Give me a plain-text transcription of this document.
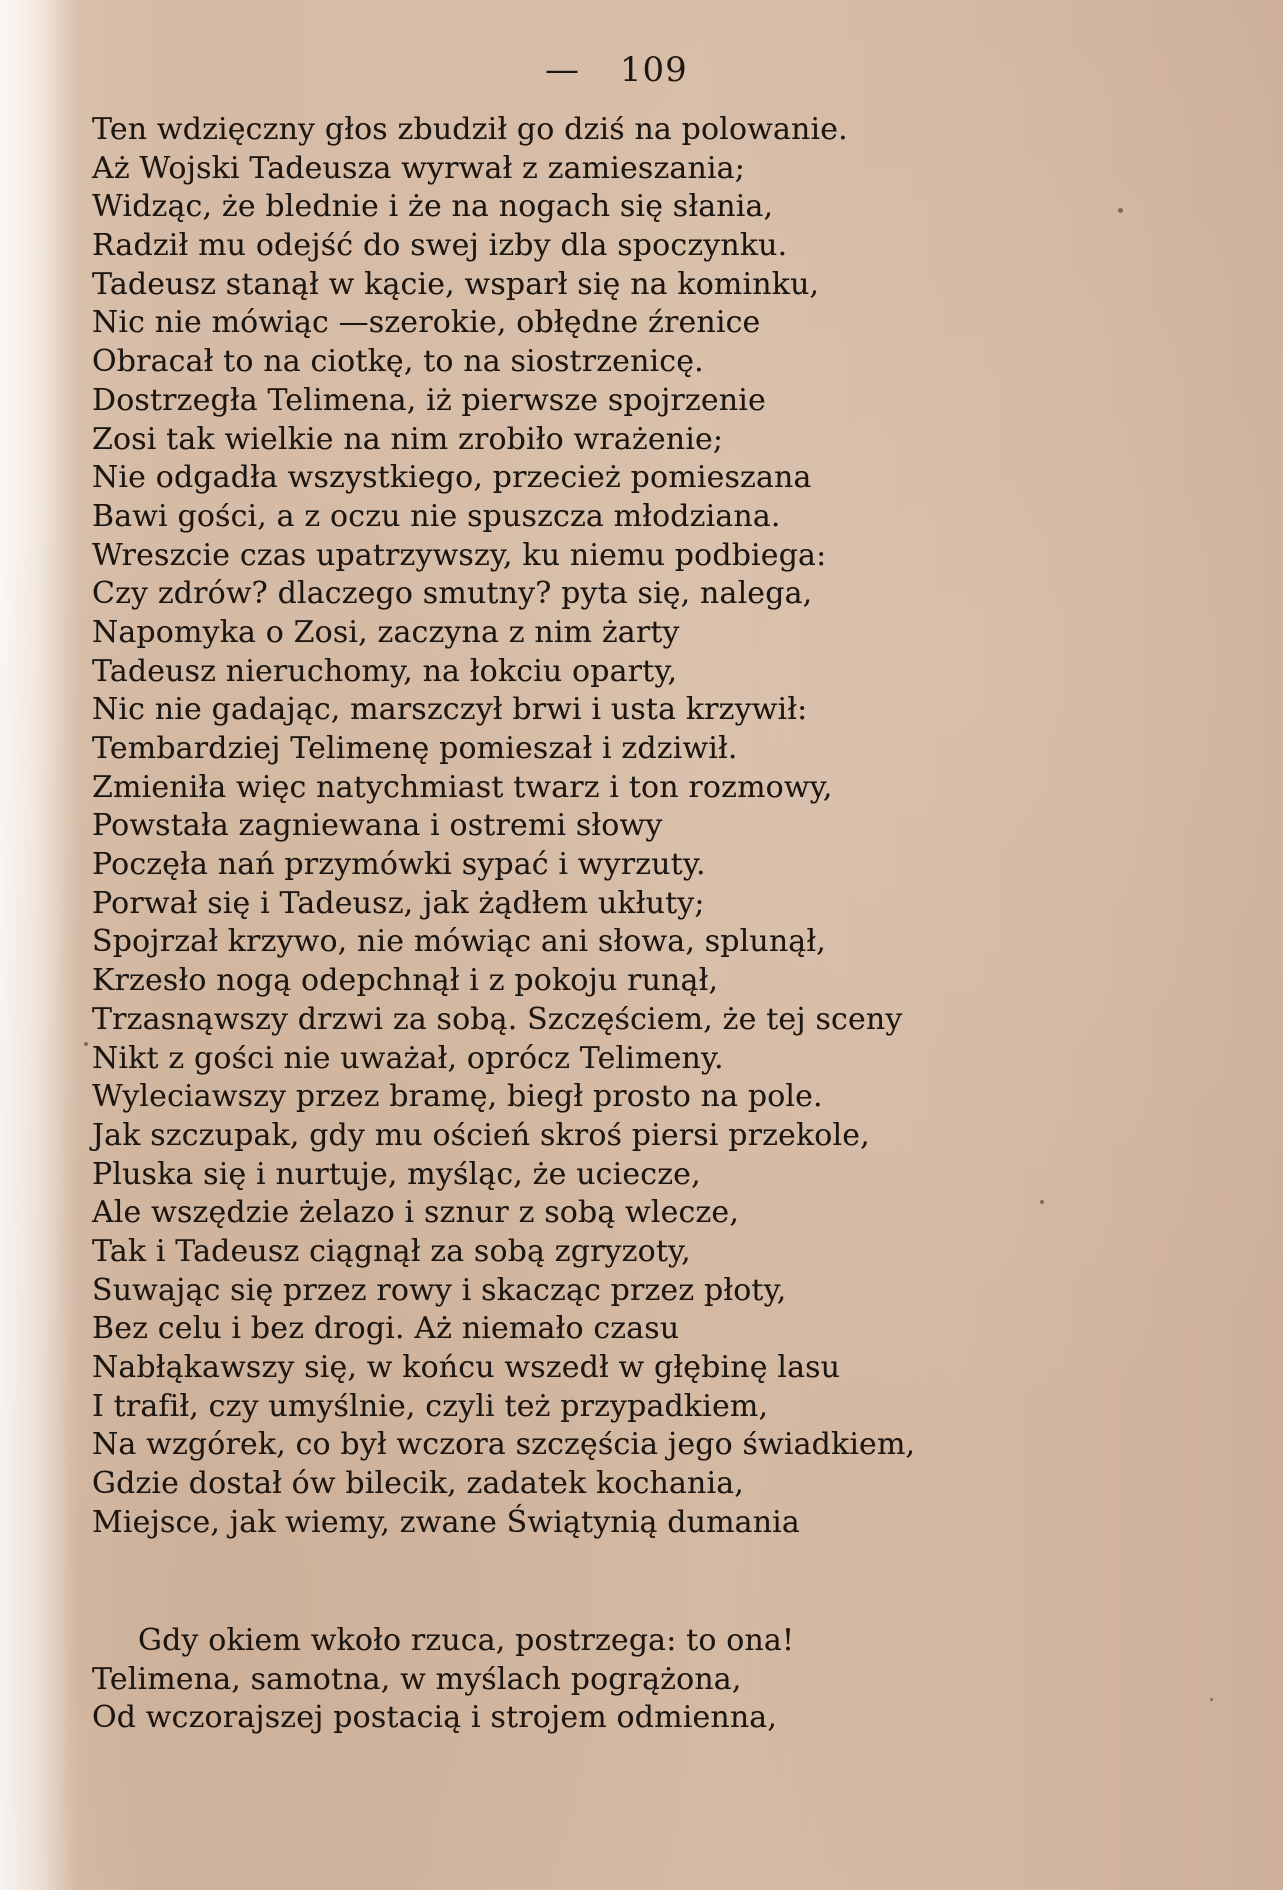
— 109
Ten wdzięczny głos zbudził go dziś na polowanie.
Aż Wojski Tadeusza wyrwał z zamieszania;
Widząc, że blednie i że na nogach się słania,
Radził mu odejść do swej izby dla spoczynku.
Tadeusz stanął w kącie, wsparł się na kominku,
Nic nie mówiąc —szerokie, obłędne źrenice
Obracał to na ciotkę, to na siostrzenicę.
Dostrzegła Telimena, iż pierwsze spojrzenie
Zosi tak wielkie na nim zrobiło wrażenie;
Nie odgadła wszystkiego, przecież pomieszana
Bawi gości, a z oczu nie spuszcza młodziana.
Wreszcie czas upatrzywszy, ku niemu podbiega:
Czy zdrów? dlaczego smutny? pyta się, nalega,
Napomyka o Zosi, zaczyna z nim żarty
Tadeusz nieruchomy, na łokciu oparty,
Nic nie gadając, marszczył brwi i usta krzywił:
Tembardziej Telimenę pomieszał i zdziwił.
Zmieniła więc natychmiast twarz i ton rozmowy,
Powstała zagniewana i ostremi słowy
Poczęła nań przymówki sypać i wyrzuty.
Porwał się i Tadeusz, jak żądłem ukłuty;
Spojrzał krzywo, nie mówiąc ani słowa, splunął,
Krzesło nogą odepchnął i z pokoju runął,
Trzasnąwszy drzwi za sobą. Szczęściem, że tej sceny
Nikt z gości nie uważał, oprócz Telimeny.
Wyleciawszy przez bramę, biegł prosto na pole.
Jak szczupak, gdy mu oścień skroś piersi przekole,
Pluska się i nurtuje, myśląc, że ucieczе,
Ale wszędzie żelazo i sznur z sobą wlecze,
Tak i Tadeusz ciągnął za sobą zgryzoty,
Suwając się przez rowy i skacząc przez płoty,
Bez celu i bez drogi. Aż niemało czasu
Nabłąkawszy się, w końcu wszedł w głębinę lasu
I trafił, czy umyślnie, czyli też przypadkiem,
Na wzgórek, co był wczora szczęścia jego świadkiem,
Gdzie dostał ów bilecik, zadatek kochania,
Miejsce, jak wiemy, zwane Świątynią dumania
Gdy okiem wkoło rzuca, postrzega: to ona!
Telimena, samotna, w myślach pogrążona,
Od wczorajszej postacią i strojem odmienna,
